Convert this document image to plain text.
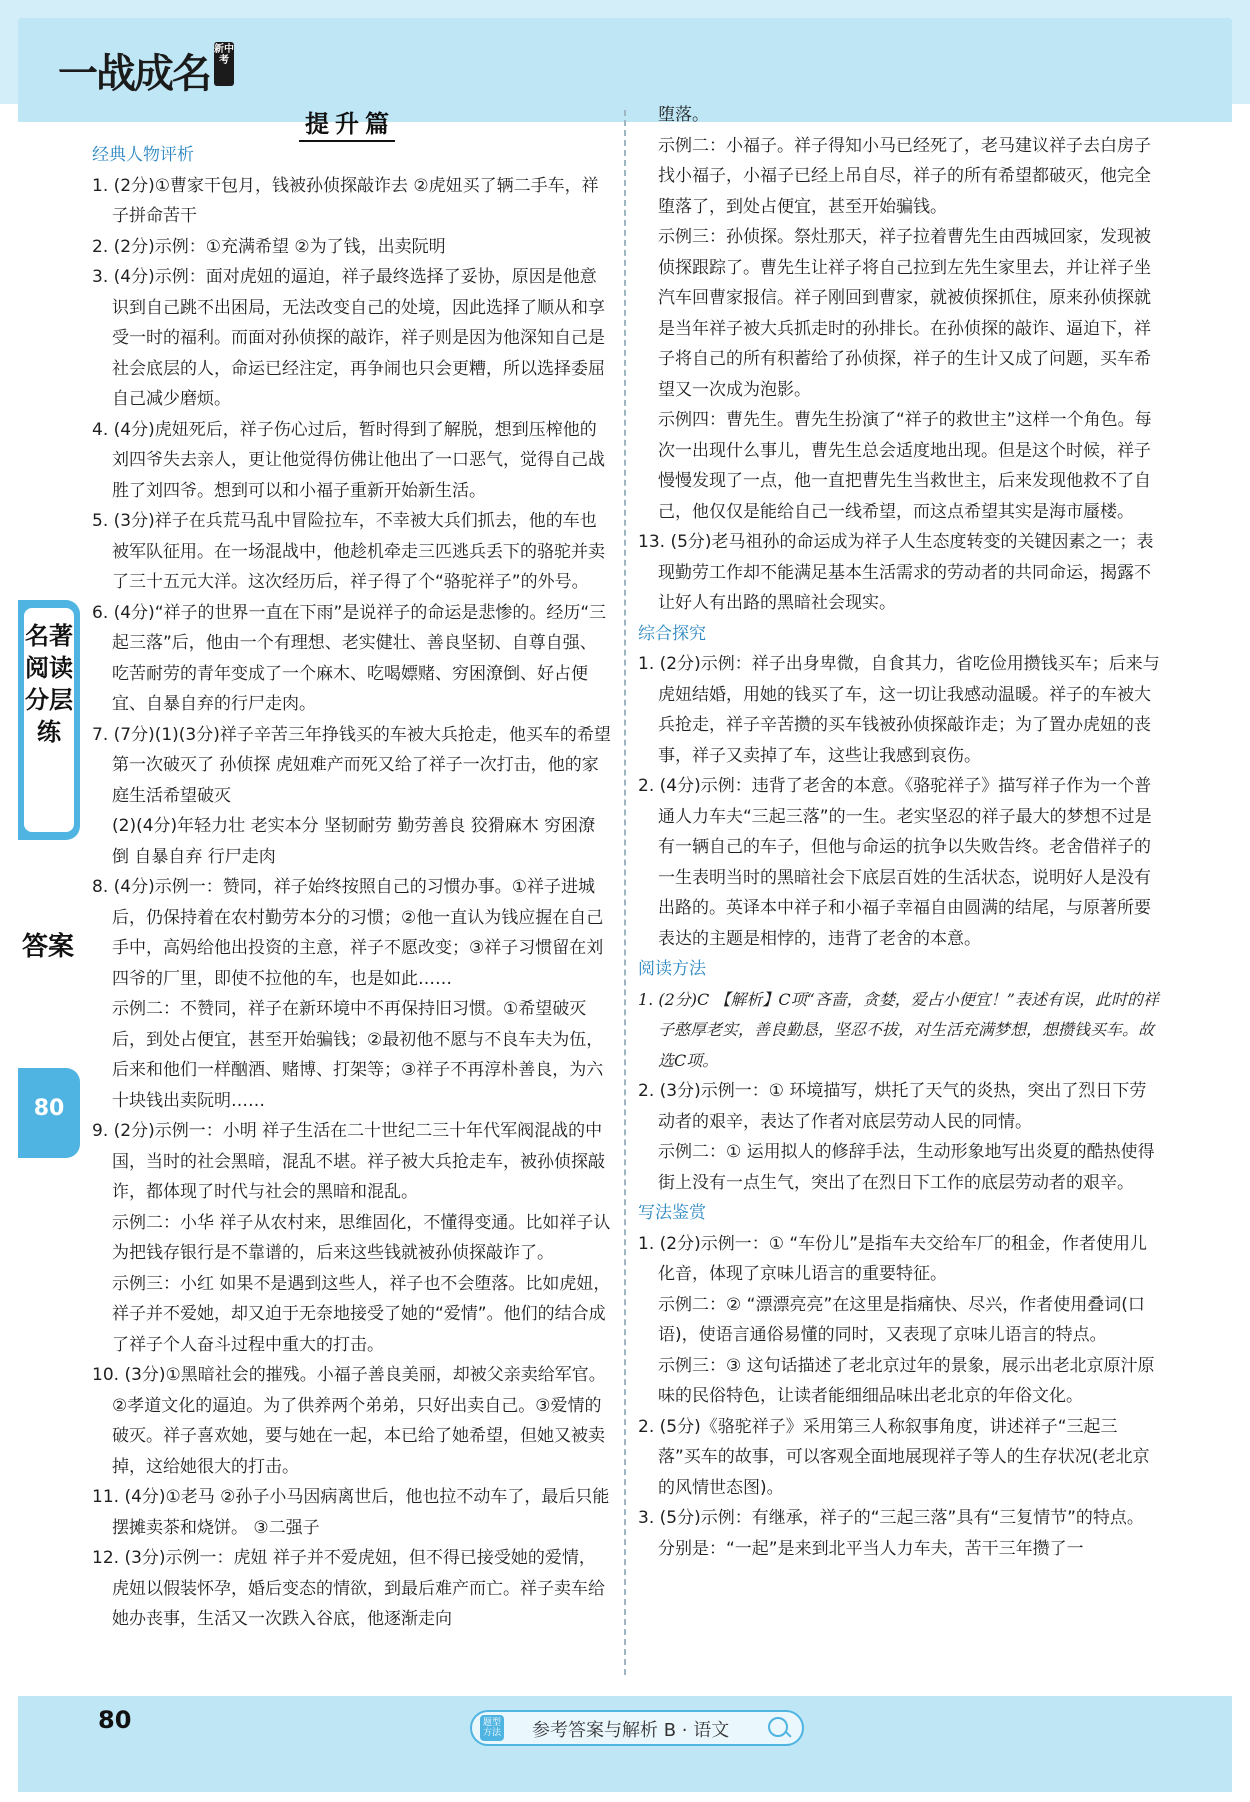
一战成名新中考
提升篇
经典人物评析
1. (2分)①曹家干包月，钱被孙侦探敲诈去 ②虎妞买了辆二手车，祥子拼命苦干
2. (2分)示例：①充满希望 ②为了钱，出卖阮明
3. (4分)示例：面对虎妞的逼迫，祥子最终选择了妥协，原因是他意识到自己跳不出困局，无法改变自己的处境，因此选择了顺从和享受一时的福利。而面对孙侦探的敲诈，祥子则是因为他深知自己是社会底层的人，命运已经注定，再争闹也只会更糟，所以选择委屈自己减少磨烦。
4. (4分)虎妞死后，祥子伤心过后，暂时得到了解脱，想到压榨他的刘四爷失去亲人，更让他觉得仿佛让他出了一口恶气，觉得自己战胜了刘四爷。想到可以和小福子重新开始新生活。
5. (3分)祥子在兵荒马乱中冒险拉车，不幸被大兵们抓去，他的车也被军队征用。在一场混战中，他趁机牵走三匹逃兵丢下的骆驼并卖了三十五元大洋。这次经历后，祥子得了个“骆驼祥子”的外号。
6. (4分)“祥子的世界一直在下雨”是说祥子的命运是悲惨的。经历“三起三落”后，他由一个有理想、老实健壮、善良坚韧、自尊自强、吃苦耐劳的青年变成了一个麻木、吃喝嫖赌、穷困潦倒、好占便宜、自暴自弃的行尸走肉。
7. (7分)(1)(3分)祥子辛苦三年挣钱买的车被大兵抢走，他买车的希望第一次破灭了 孙侦探 虎妞难产而死又给了祥子一次打击，他的家庭生活希望破灭
(2)(4分)年轻力壮 老实本分 坚韧耐劳 勤劳善良 狡猾麻木 穷困潦倒 自暴自弃 行尸走肉
8. (4分)示例一：赞同，祥子始终按照自己的习惯办事。①祥子进城后，仍保持着在农村勤劳本分的习惯；②他一直认为钱应握在自己手中，高妈给他出投资的主意，祥子不愿改变；③祥子习惯留在刘四爷的厂里，即使不拉他的车，也是如此……
示例二：不赞同，祥子在新环境中不再保持旧习惯。①希望破灭后，到处占便宜，甚至开始骗钱；②最初他不愿与不良车夫为伍，后来和他们一样酗酒、赌博、打架等；③祥子不再淳朴善良，为六十块钱出卖阮明……
9. (2分)示例一：小明 祥子生活在二十世纪二三十年代军阀混战的中国，当时的社会黑暗，混乱不堪。祥子被大兵抢走车，被孙侦探敲诈，都体现了时代与社会的黑暗和混乱。
示例二：小华 祥子从农村来，思维固化，不懂得变通。比如祥子认为把钱存银行是不靠谱的，后来这些钱就被孙侦探敲诈了。
示例三：小红 如果不是遇到这些人，祥子也不会堕落。比如虎妞，祥子并不爱她，却又迫于无奈地接受了她的“爱情”。他们的结合成了祥子个人奋斗过程中重大的打击。
10. (3分)①黑暗社会的摧残。小福子善良美丽，却被父亲卖给军官。②孝道文化的逼迫。为了供养两个弟弟，只好出卖自己。③爱情的破灭。祥子喜欢她，要与她在一起，本已给了她希望，但她又被卖掉，这给她很大的打击。
11. (4分)①老马 ②孙子小马因病离世后，他也拉不动车了，最后只能摆摊卖茶和烧饼。 ③二强子
12. (3分)示例一：虎妞 祥子并不爱虎妞，但不得已接受她的爱情，虎妞以假装怀孕，婚后变态的情欲，到最后难产而亡。祥子卖车给她办丧事，生活又一次跌入谷底，他逐渐走向
堕落。
示例二：小福子。祥子得知小马已经死了，老马建议祥子去白房子找小福子，小福子已经上吊自尽，祥子的所有希望都破灭，他完全堕落了，到处占便宜，甚至开始骗钱。
示例三：孙侦探。祭灶那天，祥子拉着曹先生由西城回家，发现被侦探跟踪了。曹先生让祥子将自己拉到左先生家里去，并让祥子坐汽车回曹家报信。祥子刚回到曹家，就被侦探抓住，原来孙侦探就是当年祥子被大兵抓走时的孙排长。在孙侦探的敲诈、逼迫下，祥子将自己的所有积蓄给了孙侦探，祥子的生计又成了问题，买车希望又一次成为泡影。
示例四：曹先生。曹先生扮演了“祥子的救世主”这样一个角色。每次一出现什么事儿，曹先生总会适度地出现。但是这个时候，祥子慢慢发现了一点，他一直把曹先生当救世主，后来发现他救不了自己，他仅仅是能给自己一线希望，而这点希望其实是海市蜃楼。
13. (5分)老马祖孙的命运成为祥子人生态度转变的关键因素之一；表现勤劳工作却不能满足基本生活需求的劳动者的共同命运，揭露不让好人有出路的黑暗社会现实。
综合探究
1. (2分)示例：祥子出身卑微，自食其力，省吃俭用攒钱买车；后来与虎妞结婚，用她的钱买了车，这一切让我感动温暖。祥子的车被大兵抢走，祥子辛苦攒的买车钱被孙侦探敲诈走；为了置办虎妞的丧事，祥子又卖掉了车，这些让我感到哀伤。
2. (4分)示例：违背了老舍的本意。《骆驼祥子》描写祥子作为一个普通人力车夫“三起三落”的一生。老实坚忍的祥子最大的梦想不过是有一辆自己的车子，但他与命运的抗争以失败告终。老舍借祥子的一生表明当时的黑暗社会下底层百姓的生活状态，说明好人是没有出路的。英译本中祥子和小福子幸福自由圆满的结尾，与原著所要表达的主题是相悖的，违背了老舍的本意。
阅读方法
1. (2分)C 【解析】C项“吝啬，贪婪，爱占小便宜！”表述有误，此时的祥子憨厚老实，善良勤恳，坚忍不拔，对生活充满梦想，想攒钱买车。故选C项。
2. (3分)示例一：① 环境描写，烘托了天气的炎热，突出了烈日下劳动者的艰辛，表达了作者对底层劳动人民的同情。
示例二：① 运用拟人的修辞手法，生动形象地写出炎夏的酷热使得街上没有一点生气，突出了在烈日下工作的底层劳动者的艰辛。
写法鉴赏
1. (2分)示例一：① “车份儿”是指车夫交给车厂的租金，作者使用儿化音，体现了京味儿语言的重要特征。
示例二：② “漂漂亮亮”在这里是指痛快、尽兴，作者使用叠词(口语)，使语言通俗易懂的同时，又表现了京味儿语言的特点。
示例三：③ 这句话描述了老北京过年的景象，展示出老北京原汁原味的民俗特色，让读者能细细品味出老北京的年俗文化。
2. (5分)《骆驼祥子》采用第三人称叙事角度，讲述祥子“三起三落”买车的故事，可以客观全面地展现祥子等人的生存状况(老北京的风情世态图)。
3. (5分)示例：有继承，祥子的“三起三落”具有“三复情节”的特点。分别是：“一起”是来到北平当人力车夫，苦干三年攒了一
名著阅读分层练
答案
80
80	题型方法 参考答案与解析 B · 语文
